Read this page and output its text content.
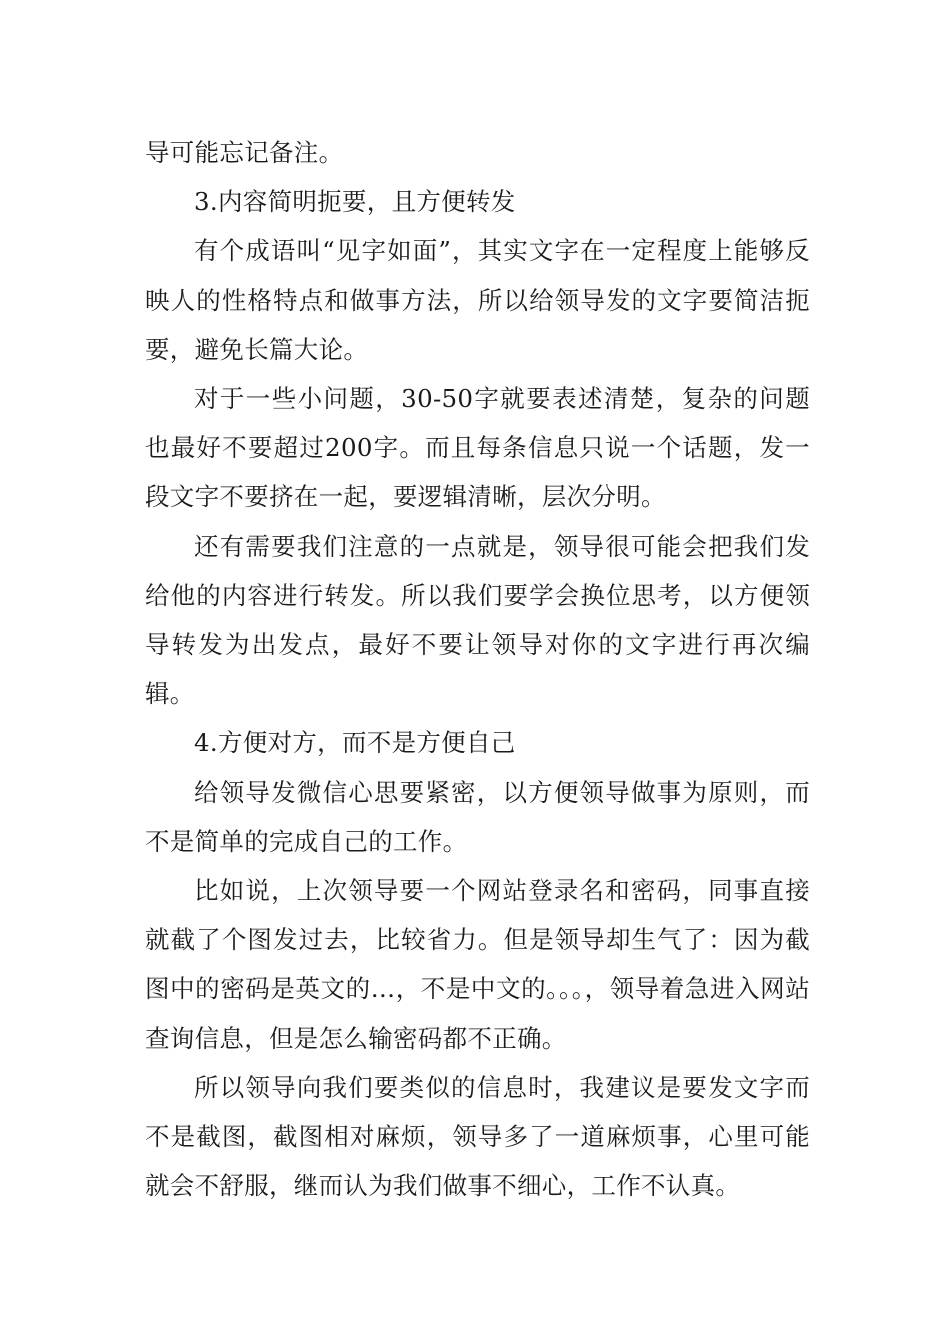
导可能忘记备注。

3.内容简明扼要，且方便转发

有个成语叫“见字如面”，其实文字在一定程度上能够反映人的性格特点和做事方法，所以给领导发的文字要简洁扼要，避免长篇大论。

对于一些小问题，30-50字就要表述清楚，复杂的问题也最好不要超过200字。而且每条信息只说一个话题，发一段文字不要挤在一起，要逻辑清晰，层次分明。

还有需要我们注意的一点就是，领导很可能会把我们发给他的内容进行转发。所以我们要学会换位思考，以方便领导转发为出发点，最好不要让领导对你的文字进行再次编辑。

4.方便对方，而不是方便自己

给领导发微信心思要紧密，以方便领导做事为原则，而不是简单的完成自己的工作。

比如说，上次领导要一个网站登录名和密码，同事直接就截了个图发过去，比较省力。但是领导却生气了：因为截图中的密码是英文的…，不是中文的。。。，领导着急进入网站查询信息，但是怎么输密码都不正确。

所以领导向我们要类似的信息时，我建议是要发文字而不是截图，截图相对麻烦，领导多了一道麻烦事，心里可能就会不舒服，继而认为我们做事不细心，工作不认真。
